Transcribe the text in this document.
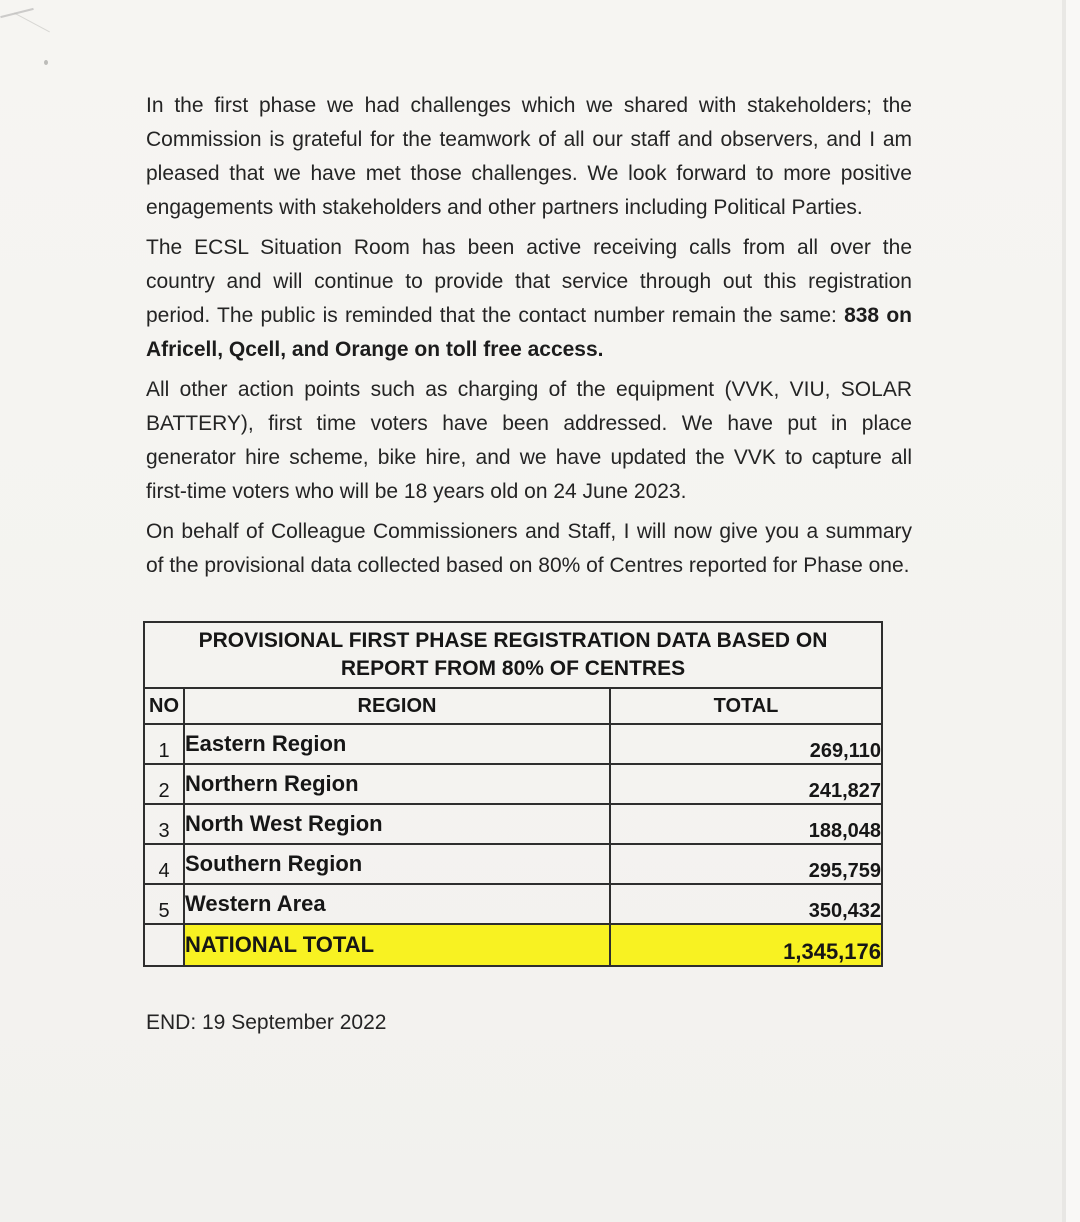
In the first phase we had challenges which we shared with stakeholders; the Commission is grateful for the teamwork of all our staff and observers, and I am pleased that we have met those challenges. We look forward to more positive engagements with stakeholders and other partners including Political Parties.

The ECSL Situation Room has been active receiving calls from all over the country and will continue to provide that service through out this registration period. The public is reminded that the contact number remain the same: 838 on Africell, Qcell, and Orange on toll free access.

All other action points such as charging of the equipment (VVK, VIU, SOLAR BATTERY), first time voters have been addressed. We have put in place generator hire scheme, bike hire, and we have updated the VVK to capture all first-time voters who will be 18 years old on 24 June 2023.

On behalf of Colleague Commissioners and Staff, I will now give you a summary of the provisional data collected based on 80% of Centres reported for Phase one.

PROVISIONAL FIRST PHASE REGISTRATION DATA BASED ON REPORT FROM 80% OF CENTRES		

NO	REGION	TOTAL
1	Eastern Region	269,110
2	Northern Region	241,827
3	North West Region	188,048
4	Southern Region	295,759
5	Western Area	350,432
	NATIONAL TOTAL	1,345,176

END: 19 September 2022
